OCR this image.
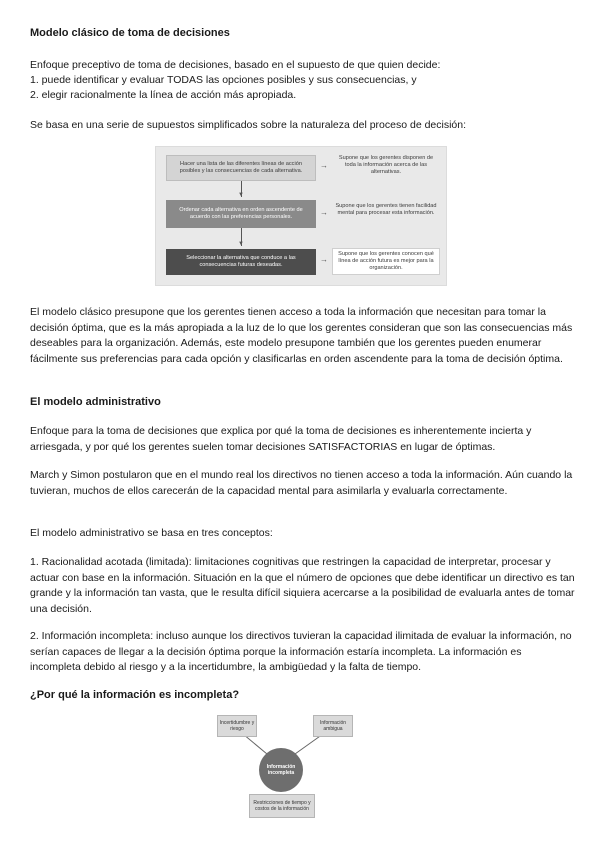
Modelo clásico de toma de decisiones

Enfoque preceptivo de toma de decisiones, basado en el supuesto de que quien decide:

1. puede identificar y evaluar TODAS las opciones posibles y sus consecuencias, y

2. elegir racionalmente la línea de acción más apropiada.

Se basa en una serie de supuestos simplificados sobre la naturaleza del proceso de decisión:

Hacer una lista de las diferentes líneas de acción posibles y las consecuencias de cada alternativa.
▼
Ordenar cada alternativa en orden ascendente de acuerdo con las preferencias personales.
▼
Seleccionar la alternativa que conduce a las consecuencias futuras deseadas.
→
→
→
Supone que los gerentes disponen de toda la información acerca de las alternativas.
Supone que los gerentes tienen facilidad mental para procesar esta información.
Supone que los gerentes conocen qué línea de acción futura es mejor para la organización.

El modelo clásico presupone que los gerentes tienen acceso a toda la información que necesitan para tomar la decisión óptima, que es la más apropiada a la luz de lo que los gerentes consideran que son las consecuencias más deseables para la organización. Además, este modelo presupone también que los gerentes pueden enumerar fácilmente sus preferencias para cada opción y clasificarlas en orden ascendente para la toma de decisión óptima.

El modelo administrativo

Enfoque para la toma de decisiones que explica por qué la toma de decisiones es inherentemente incierta y arriesgada, y por qué los gerentes suelen tomar decisiones SATISFACTORIAS en lugar de óptimas.

March y Simon postularon que en el mundo real los directivos no tienen acceso a toda la información. Aún cuando la tuvieran, muchos de ellos carecerán de la capacidad mental para asimilarla y evaluarla correctamente.

El modelo administrativo se basa en tres conceptos:

1. Racionalidad acotada (limitada): limitaciones cognitivas que restringen la capacidad de interpretar, procesar y actuar con base en la información. Situación en la que el número de opciones que debe identificar un directivo es tan grande y la información tan vasta, que le resulta difícil siquiera acercarse a la posibilidad de evaluarla antes de tomar una decisión.

2. Información incompleta: incluso aunque los directivos tuvieran la capacidad ilimitada de evaluar la información, no serían capaces de llegar a la decisión óptima porque la información estaría incompleta. La información es incompleta debido al riesgo y a la incertidumbre, la ambigüedad y la falta de tiempo.

¿Por qué la información es incompleta?

Incertidumbre y riesgo
Información ambigua
Información incompleta
Restricciones de tiempo y costos de la información
